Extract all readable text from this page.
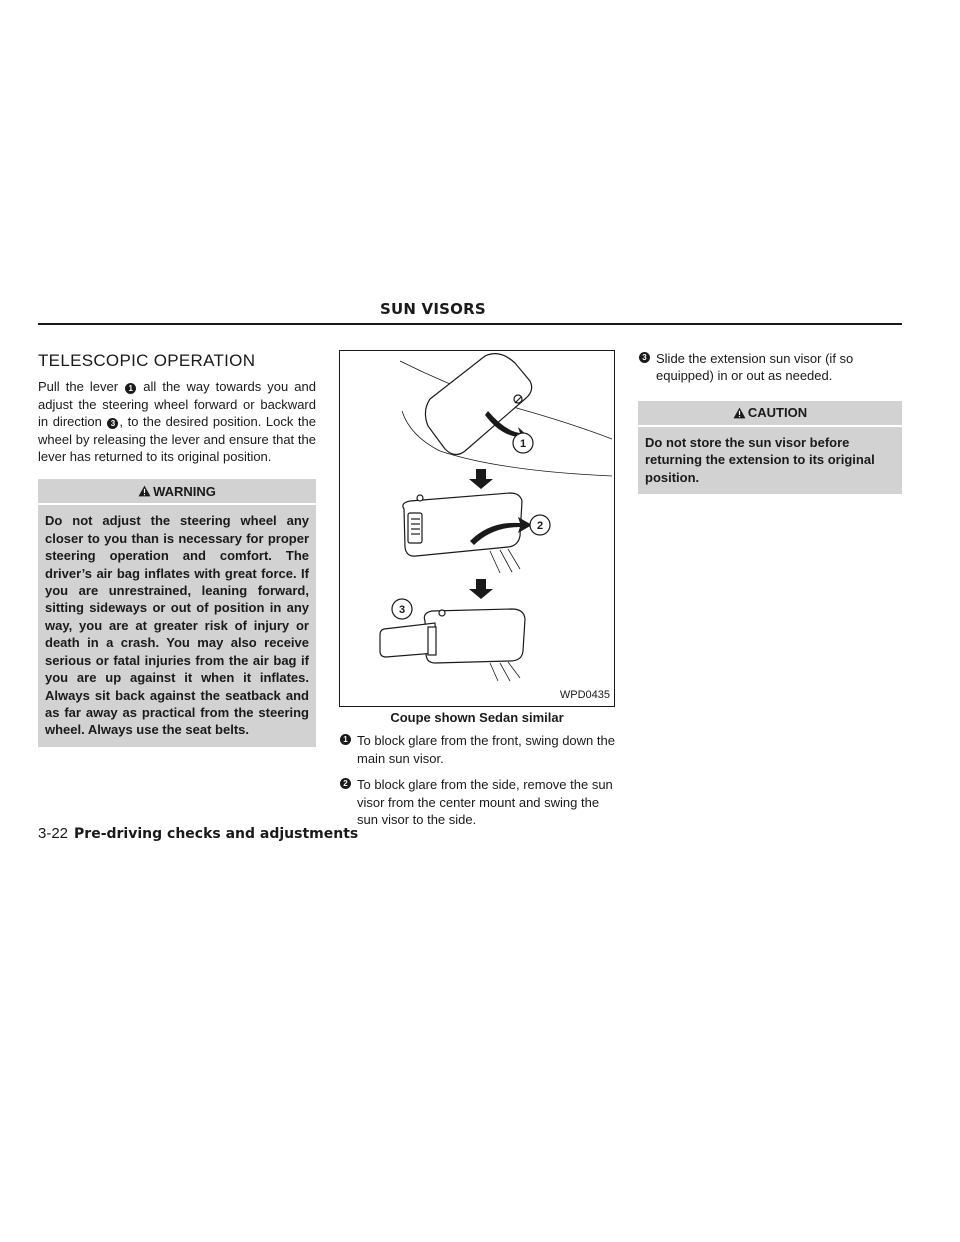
SUN VISORS
TELESCOPIC OPERATION

Pull the lever 1 all the way towards you and adjust the steering wheel forward or backward in direction 3 , to the desired position. Lock the wheel by releasing the lever and ensure that the lever has returned to its original position.

WARNING
Do not adjust the steering wheel any closer to you than is necessary for proper steering operation and comfort. The driver’s air bag inflates with great force. If you are unrestrained, leaning forward, sitting sideways or out of position in any way, you are at greater risk of injury or death in a crash. You may also receive serious or fatal injuries from the air bag if you are up against it when it inflates. Always sit back against the seatback and as far away as practical from the steering wheel. Always use the seat belts.
1
2
3
WPD0435
Coupe shown Sedan similar
1 To block glare from the front, swing down the main sun visor.
2 To block glare from the side, remove the sun visor from the center mount and swing the sun visor to the side.
3 Slide the extension sun visor (if so equipped) in or out as needed.
CAUTION
Do not store the sun visor before returning the extension to its original position.
3-22 Pre-driving checks and adjustments
